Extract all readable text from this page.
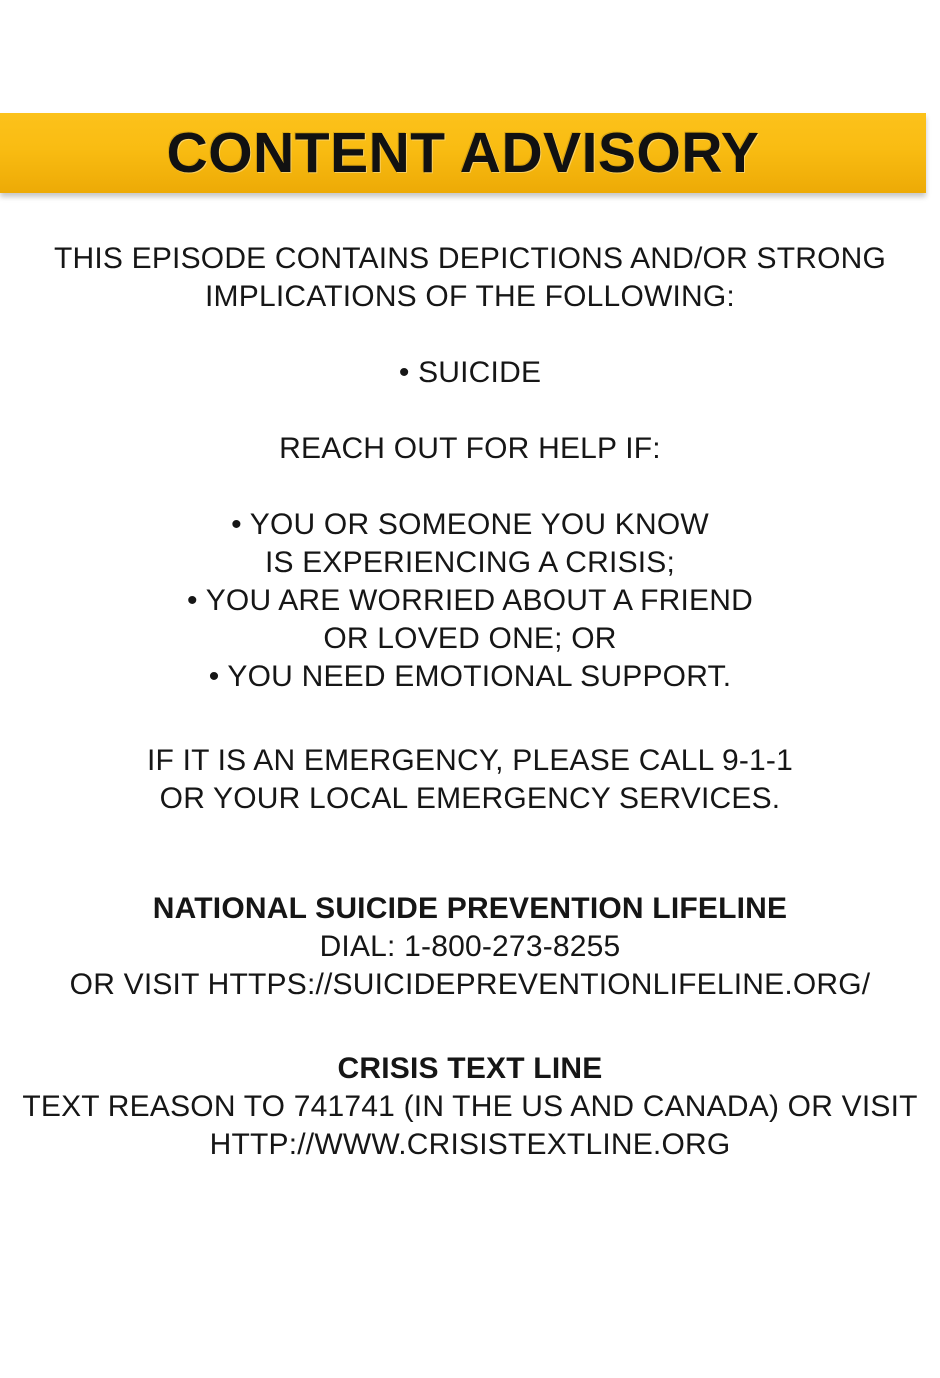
CONTENT ADVISORY

THIS EPISODE CONTAINS DEPICTIONS AND/OR STRONG

IMPLICATIONS OF THE FOLLOWING:

• SUICIDE

REACH OUT FOR HELP IF:

• YOU OR SOMEONE YOU KNOW

IS EXPERIENCING A CRISIS;

• YOU ARE WORRIED ABOUT A FRIEND

OR LOVED ONE; OR

• YOU NEED EMOTIONAL SUPPORT.

IF IT IS AN EMERGENCY, PLEASE CALL 9-1-1

OR YOUR LOCAL EMERGENCY SERVICES.

NATIONAL SUICIDE PREVENTION LIFELINE

DIAL: 1-800-273-8255

OR VISIT HTTPS://SUICIDEPREVENTIONLIFELINE.ORG/

CRISIS TEXT LINE

TEXT REASON TO 741741 (IN THE US AND CANADA) OR VISIT

HTTP://WWW.CRISISTEXTLINE.ORG
